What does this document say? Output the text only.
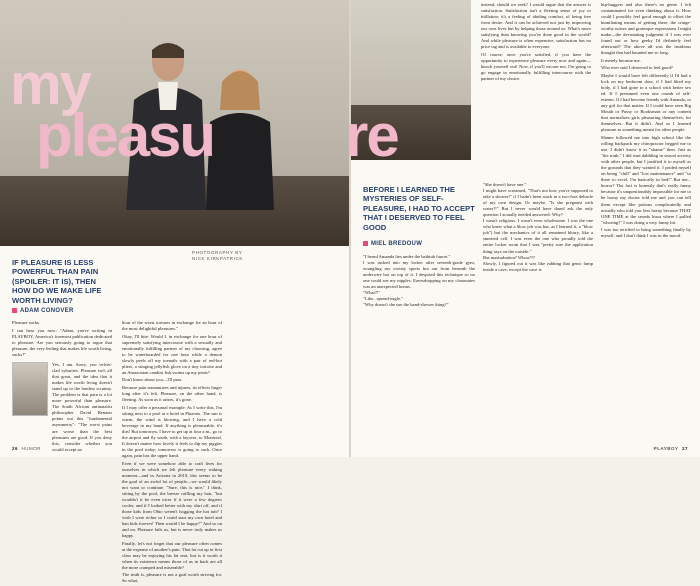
my
pleasu
PHOTOGRAPHY BY
NICK KIRKPATRICK
IF PLEASURE IS LESS POWERFUL THAN PAIN (SPOILER: IT IS), THEN HOW DO WE MAKE LIFE WORTH LIVING?
ADAM CONOVER

Pleasure sucks.

I can hear you now: "Adam, you're writing in PLAYBOY, America's foremost publication dedicated to pleasure. Are you seriously going to argue that pleasure, the very feeling that makes life worth living, sucks?"

Yes, I am. Sorry, you velvet-clad sybarites. Pleasure isn't all that great, and the idea that it makes life worth living doesn't stand up to the hardest scrutiny. The problem is that pain is a lot more powerful than pleasure. The South African antinatalist philosopher David Benatar points out this "fundamental asymmetry": "The worst pains are worse than the best pleasures are good. If you deny this, consider whether you would accept an

hour of the worst tortures in exchange for an hour of the most delightful pleasures."

Okay, I'll bite: Would I, in exchange for one hour of supremely satisfying intercourse with a sexually and emotionally fulfilling partner of my choosing, agree to be waterboarded for one hour while a demon slowly peels off my toenails with a pair of red-hot pliers, a stinging jellyfish glove on a tiny tortoise and an Amazonian candiru fish swims up my penis?

Don't know about you—I'll pass.

Because pain tramautizes and injures, its effects linger long after it's felt. Pleasure, on the other hand, is fleeting. As soon as it arises, it's gone.

If I may offer a personal example: As I write this, I'm sitting next to a pool at a hotel in Phoenix. The sun is warm, the wind is blowing, and I have a cold beverage in my hand. If anything is pleasurable, it's this! But tomorrow, I have to get up at four a.m., go to the airport and fly south, with a layover, to Montreal. It doesn't matter how lovely it feels to dip my piggies in the pool today; tomorrow is going to suck. Once again, pain has the upper hand.

Even if we were somehow able to craft lives for ourselves in which we felt pleasure every waking moment—and in Arizona in 2019, this seems to be the goal of an awful lot of people—we would likely not want to continue. "Sure, this is nice," I think, sitting by the pool, the breeze ruffling my hair, "but wouldn't it be even nicer if it were a few degrees cooler, and if I looked better with my shirt off, and if those kids from Ohio weren't hogging the hot tub? I wish I were richer so I could start my own hotel and ban kids forever! Then would I be happy?" And so on and on. Pleasure fails us, but is never truly makes us happy.

Finally, let's not forget that our pleasure often comes at the expense of another's pain. That fat cut up in first class may be enjoying his fat seat, but is it worth it when its existence means those of us in back are all the more cramped and miserable?

The truth is, pleasure is not a goal worth striving for. So what,

26 HUMOR
re

instead, should we seek? I would argue that the answer is satisfaction. Satisfaction isn't a fleeting sense of joy or titillation; it's a feeling of abiding comfort, of being free from desire. And it can be achieved not just by improving our own lives but by helping those around us. What's more satisfying than knowing you've done good in the world? And while pleasure is often expensive, satisfaction has no price tag and is available to everyone.

Of course, once you're satisfied, if you have the opportunity to experience pleasure every now and again—knock yourself out! Now, if you'll excuse me, I'm going to go engage in emotionally fulfilling intercourse with the partner of my choice.

BEFORE I LEARNED THE MYSTERIES OF SELF-PLEASURE, I HAD TO ACCEPT THAT I DESERVED TO FEEL GOOD
MIEL BREDOUW

"I heard Amanda lies under the bathtub faucet."

I was tucked into my locker after seventh-grade gym, wrangling my sweaty sports bra out from beneath the underwire bra on top of it. I despised this technique so no one could see my nipples. Eavesdropping on my classmates was an unexpected bonus.

"What?!"

"Like...spread-eagle."

"Why doesn't she use the hand-shower thing?"

"She doesn't have one."

I might have screamed, "That's not how you're supposed to take a shower!" if I hadn't been stuck in a two-foot debacle of my own design. Or maybe, "Is she pregnant with water?!" But I never would have dared ask the only question I actually needed answered: Why?

I wasn't religious. I wasn't even wholesome. I was the one who knew what a blow job was but, as I learned it, a "blow job") but the mechanics of it all remained blurry, like a smeared cell. I was even the one who proudly told the entire locker room that I was "pretty sure the application thing says on the outside."

But masturbation? Whoa???

Slowly, I figured out it was like rubbing that genic lump inside a cave, except the cave is

hip-huggers and also there's no genie. I felt contaminated for even thinking about it. How could I possibly feel good enough to offset the humiliating means of getting there, the cringe-worthy noises and grotesque expressions I might make—the devastating judgment if I was ever found out or how geeky I'd definitely feel afterward? The above all was the insidious thought that had haunted me so long.

It merely became me.

Who ever said I deserved to feel good?

Maybe I would have felt differently if I'd had a lock on my bedroom door, if I had liked my body, if I had gone to a school with better sex ed. If I presumed even one crumb of self-esteem. If I had become friends with Amanda, or any girl for that matter. If I could have seen Big Mouth or Pussy or Booksmart or any content that normalizes girls pleasuring themselves, for themselves. But it didn't. And so I learned pleasure as something meant for other people.

Shame followed me into high school like the rolling backpack my chiropractor begged me to use. I didn't know it as "shame" then. Just as "the truth." I did start dabbling in sexual activity with other people, but I justified it to myself as the grounds that they wanted it. I prided myself on being "chill" and "low maintenance" and "so there to excel, I'm basically in bed!" But me... horror? The fact is honestly that's really funny because it's unquestionably impossible for me to be horny my doctor told me and you can tell them except like potions complicatedly and actually who told you Jess horny because THAT ONE TIME at the sexeds kissa where I pulled "whoring?" I was doing a very funny bit.

I was too terrified to bring something finally by myself, and I don't think I was in the mood.

PLAYBOY 27
